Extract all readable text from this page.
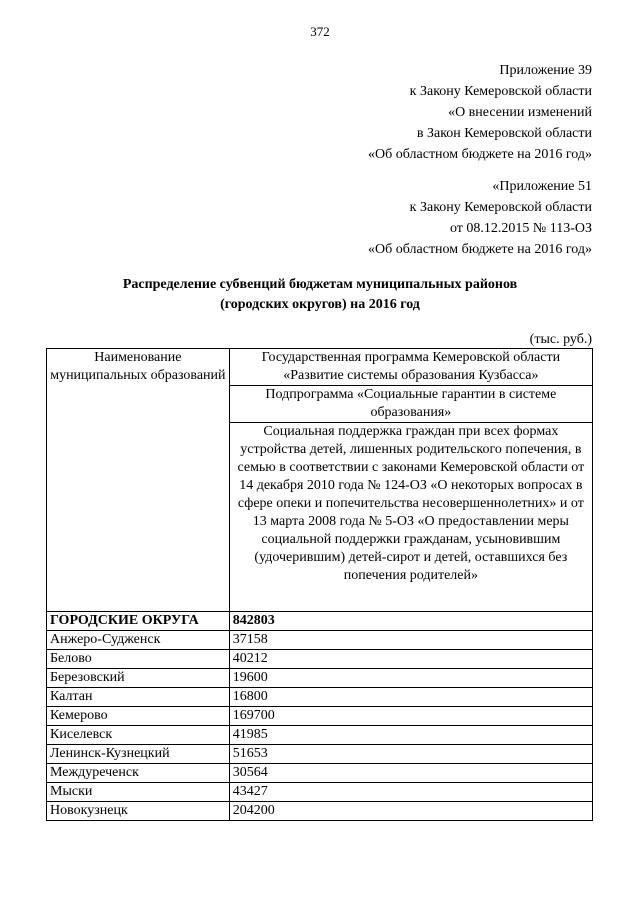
372
Приложение 39
к Закону Кемеровской области
«О внесении изменений
в Закон Кемеровской области
«Об областном бюджете на 2016 год»
«Приложение 51
к Закону Кемеровской области
от 08.12.2015 № 113-ОЗ
«Об областном бюджете на 2016 год»
Распределение субвенций бюджетам муниципальных районов
(городских округов) на 2016 год
(тыс. руб.)
Наименование муниципальных образований	Государственная программа Кемеровской области «Развитие системы образования Кузбасса»
	Подпрограмма «Социальные гарантии в системе образования»
	Социальная поддержка граждан при всех формах устройства детей, лишенных родительского попечения, в семью в соответствии с законами Кемеровской области от 14 декабря 2010 года № 124-ОЗ «О некоторых вопросах в сфере опеки и попечительства несовершеннолетних» и от 13 марта 2008 года № 5-ОЗ «О предоставлении меры социальной поддержки гражданам, усыновившим (удочерившим) детей-сирот и детей, оставшихся без попечения родителей»
ГОРОДСКИЕ ОКРУГА	842803
Анжеро-Судженск	37158
Белово	40212
Березовский	19600
Калтан	16800
Кемерово	169700
Киселевск	41985
Ленинск-Кузнецкий	51653
Междуреченск	30564
Мыски	43427
Новокузнецк	204200
